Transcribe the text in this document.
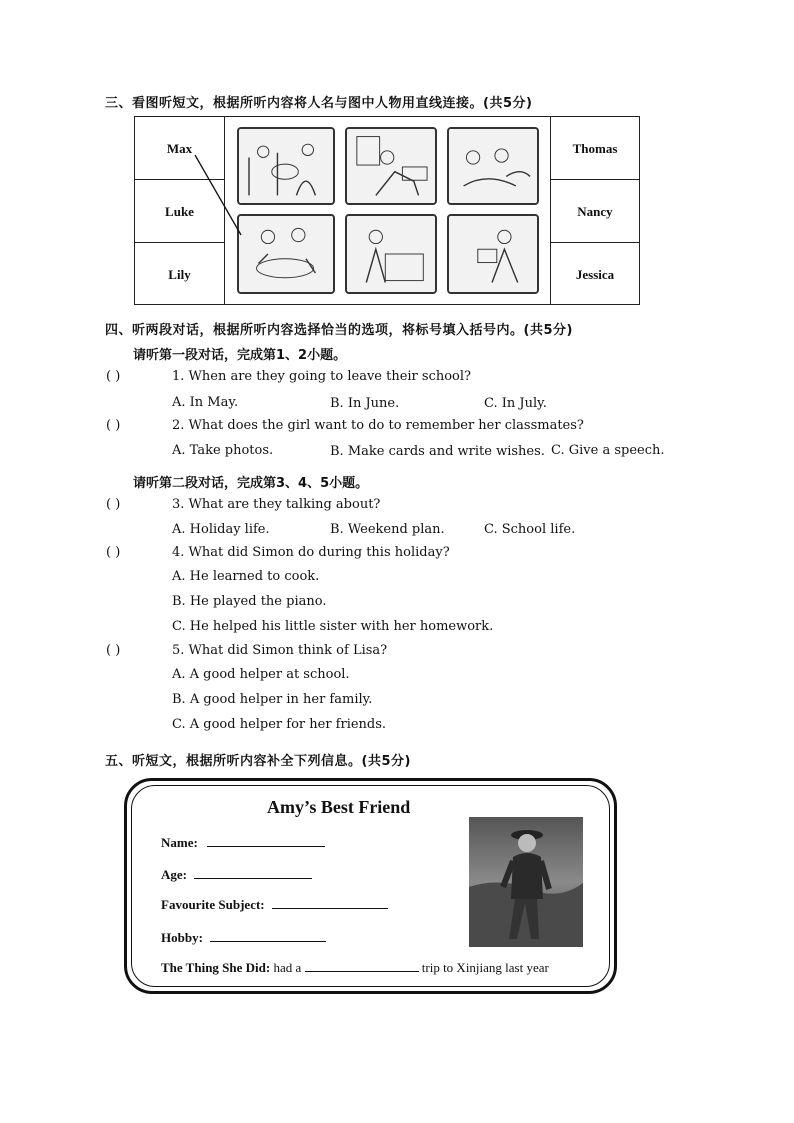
三、看图听短文，根据所听内容将人名与图中人物用直线连接。(共5分)
Max
Luke
Lily
Thomas
Nancy
Jessica
四、听两段对话，根据所听内容选择恰当的选项，将标号填入括号内。(共5分)
请听第一段对话，完成第1、2小题。
( )	1. When are they going to leave their school?
A. In May.	B. In June.	C. In July.
( )	2. What does the girl want to do to remember her classmates?
A. Take photos.	B. Make cards and write wishes. C. Give a speech.
请听第二段对话，完成第3、4、5小题。
( )	3. What are they talking about?
A. Holiday life.	B. Weekend plan.	C. School life.
( )	4. What did Simon do during this holiday?
A. He learned to cook.
B. He played the piano.
C. He helped his little sister with her homework.
( )	5. What did Simon think of Lisa?
A. A good helper at school.
B. A good helper in her family.
C. A good helper for her friends.
五、听短文，根据所听内容补全下列信息。(共5分)
Amy’s Best Friend
Name:
Age:
Favourite Subject:
Hobby:
The Thing She Did: had a	trip to Xinjiang last year
